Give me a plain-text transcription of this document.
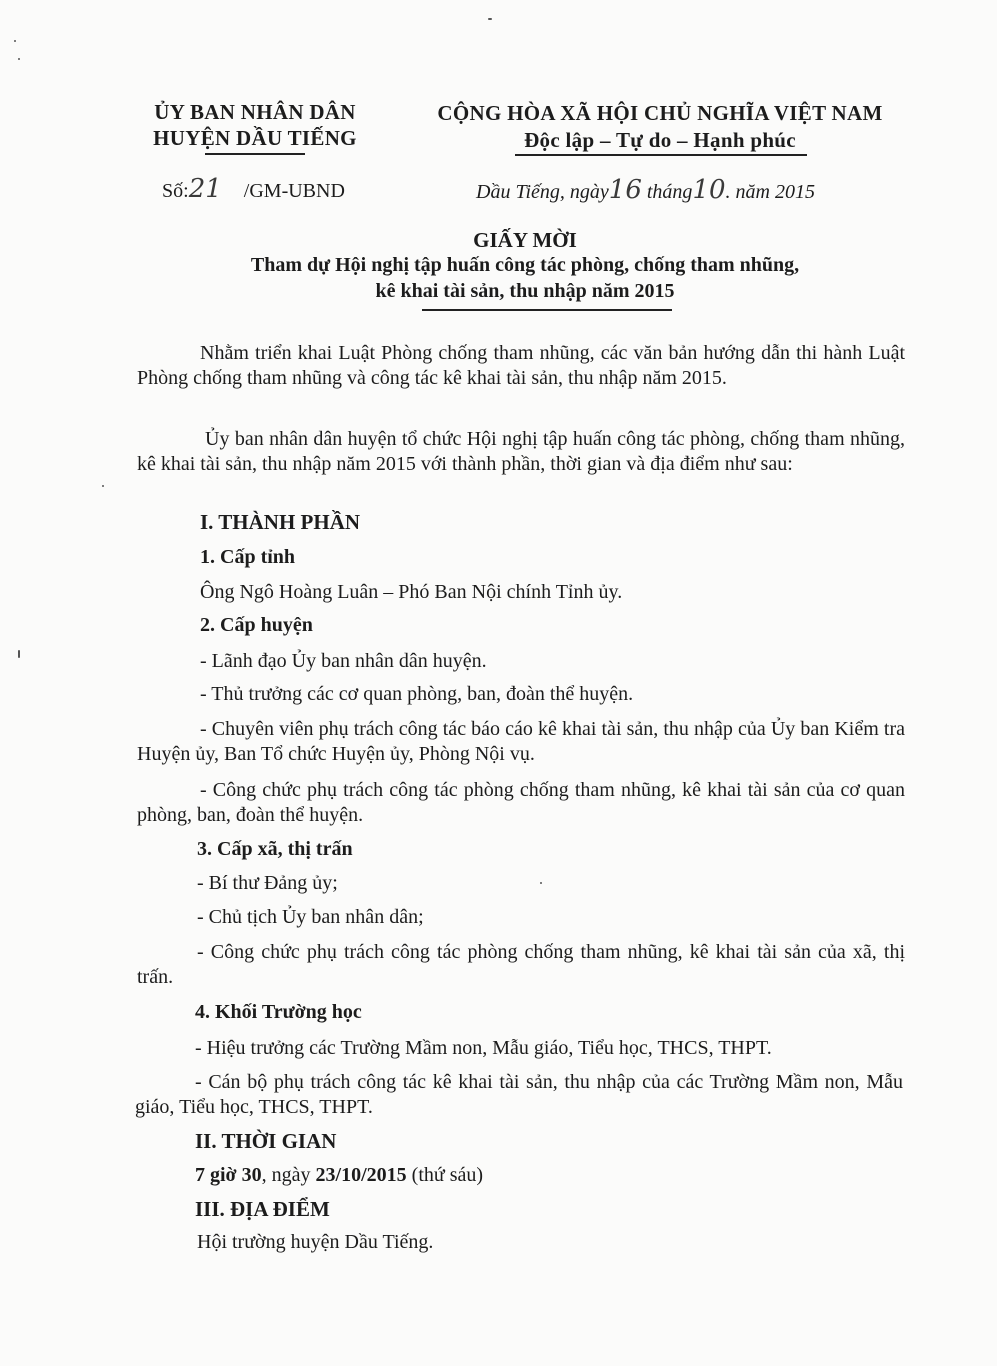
ỦY BAN NHÂN DÂN
HUYỆN DẦU TIẾNG
CỘNG HÒA XÃ HỘI CHỦ NGHĨA VIỆT NAM
Độc lập – Tự do – Hạnh phúc
Số:21 /GM-UBND	Dầu Tiếng, ngày16 tháng10. năm 2015
GIẤY MỜI
Tham dự Hội nghị tập huấn công tác phòng, chống tham nhũng,
kê khai tài sản, thu nhập năm 2015
Nhằm triển khai Luật Phòng chống tham nhũng, các văn bản hướng dẫn thi hành Luật Phòng chống tham nhũng và công tác kê khai tài sản, thu nhập năm 2015.
Ủy ban nhân dân huyện tổ chức Hội nghị tập huấn công tác phòng, chống tham nhũng, kê khai tài sản, thu nhập năm 2015 với thành phần, thời gian và địa điểm như sau:
I. THÀNH PHẦN
1. Cấp tỉnh
Ông Ngô Hoàng Luân – Phó Ban Nội chính Tỉnh ủy.
2. Cấp huyện
- Lãnh đạo Ủy ban nhân dân huyện.
- Thủ trưởng các cơ quan phòng, ban, đoàn thể huyện.
- Chuyên viên phụ trách công tác báo cáo kê khai tài sản, thu nhập của Ủy ban Kiểm tra Huyện ủy, Ban Tổ chức Huyện ủy, Phòng Nội vụ.
- Công chức phụ trách công tác phòng chống tham nhũng, kê khai tài sản của cơ quan phòng, ban, đoàn thể huyện.
3. Cấp xã, thị trấn
- Bí thư Đảng ủy;
- Chủ tịch Ủy ban nhân dân;
- Công chức phụ trách công tác phòng chống tham nhũng, kê khai tài sản của xã, thị trấn.
4. Khối Trường học
- Hiệu trưởng các Trường Mầm non, Mẫu giáo, Tiểu học, THCS, THPT.
- Cán bộ phụ trách công tác kê khai tài sản, thu nhập của các Trường Mầm non, Mẫu giáo, Tiểu học, THCS, THPT.
II. THỜI GIAN
7 giờ 30, ngày 23/10/2015 (thứ sáu)
III. ĐỊA ĐIỂM
Hội trường huyện Dầu Tiếng.
